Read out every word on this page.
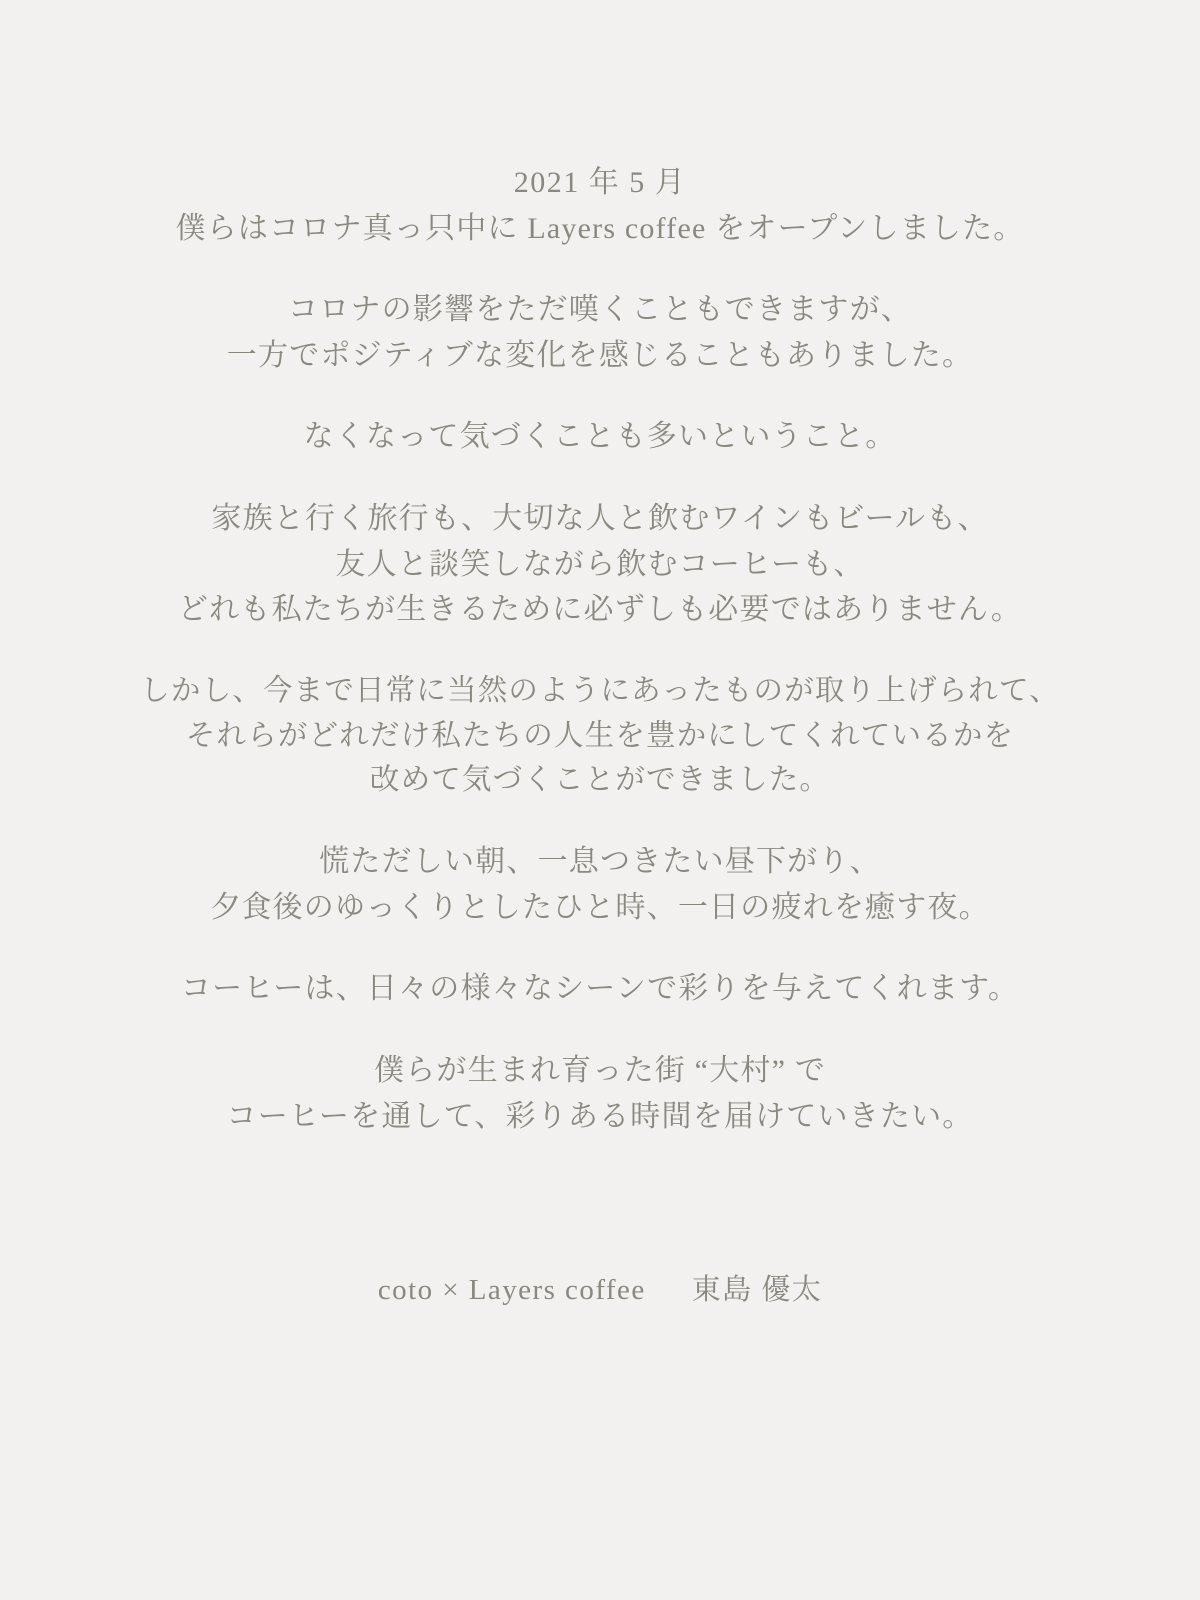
2021 年 5 月
僕らはコロナ真っ只中に Layers coffee をオープンしました。
コロナの影響をただ嘆くこともできますが、
一方でポジティブな変化を感じることもありました。
なくなって気づくことも多いということ。
家族と行く旅行も、大切な人と飲むワインもビールも、
友人と談笑しながら飲むコーヒーも、
どれも私たちが生きるために必ずしも必要ではありません。
しかし、今まで日常に当然のようにあったものが取り上げられて、
それらがどれだけ私たちの人生を豊かにしてくれているかを
改めて気づくことができました。
慌ただしい朝、一息つきたい昼下がり、
夕食後のゆっくりとしたひと時、一日の疲れを癒す夜。
コーヒーは、日々の様々なシーンで彩りを与えてくれます。
僕らが生まれ育った街 “大村” で
コーヒーを通して、彩りある時間を届けていきたい。
coto × Layers coffee 東島 優太
